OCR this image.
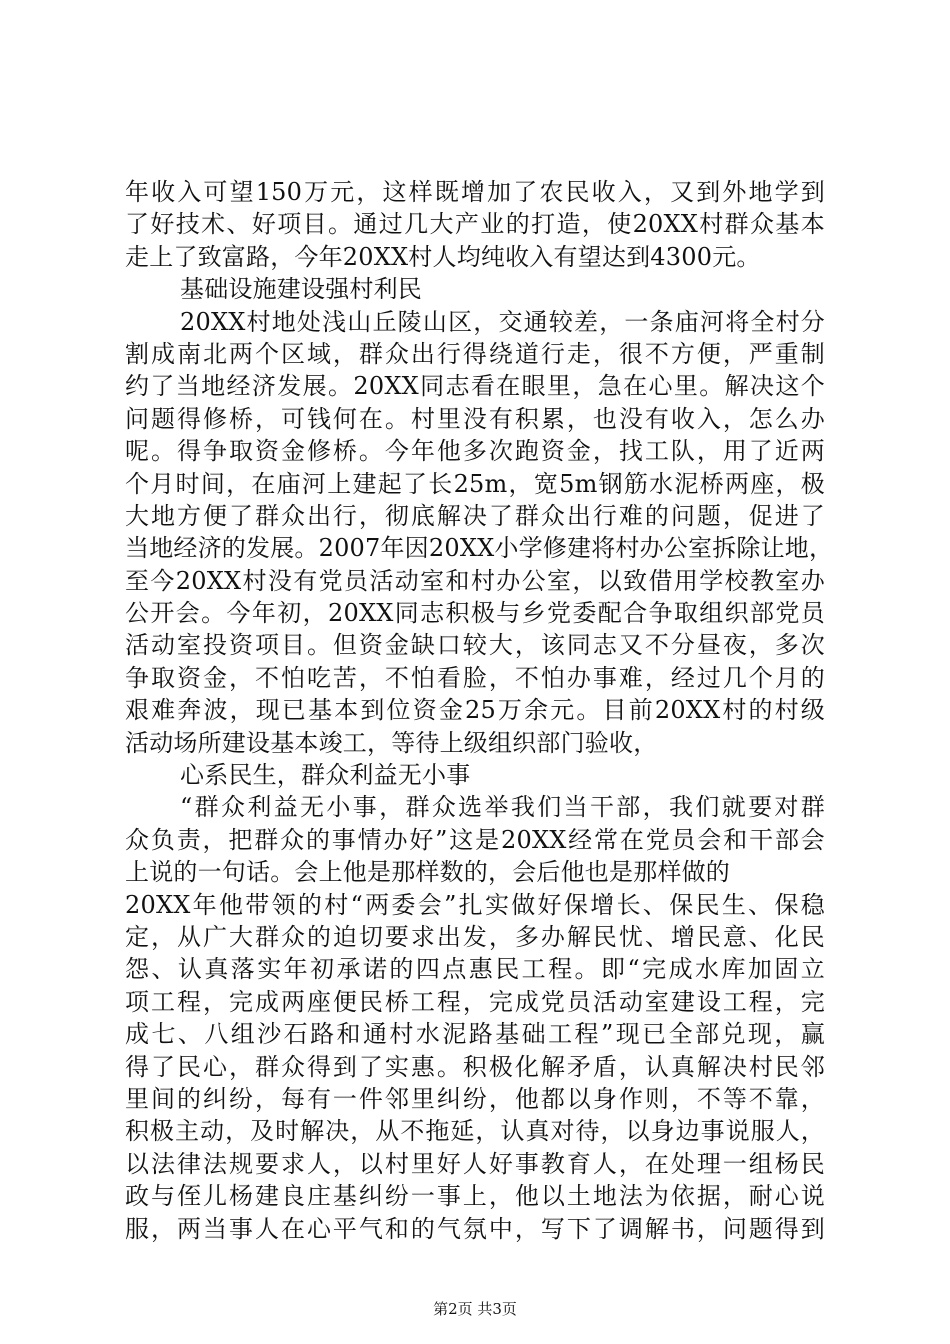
年收入可望150万元，这样既增加了农民收入，又到外地学到
了好技术、好项目。通过几大产业的打造，使20XX村群众基本
走上了致富路，今年20XX村人均纯收入有望达到4300元。
基础设施建设强村利民
20XX村地处浅山丘陵山区，交通较差，一条庙河将全村分
割成南北两个区域，群众出行得绕道行走，很不方便，严重制
约了当地经济发展。20XX同志看在眼里，急在心里。解决这个
问题得修桥，可钱何在。村里没有积累，也没有收入，怎么办
呢。得争取资金修桥。今年他多次跑资金，找工队，用了近两
个月时间，在庙河上建起了长25m，宽5m钢筋水泥桥两座，极
大地方便了群众出行，彻底解决了群众出行难的问题，促进了
当地经济的发展。2007年因20XX小学修建将村办公室拆除让地，
至今20XX村没有党员活动室和村办公室，以致借用学校教室办
公开会。今年初，20XX同志积极与乡党委配合争取组织部党员
活动室投资项目。但资金缺口较大，该同志又不分昼夜，多次
争取资金，不怕吃苦，不怕看脸，不怕办事难，经过几个月的
艰难奔波，现已基本到位资金25万余元。目前20XX村的村级
活动场所建设基本竣工，等待上级组织部门验收，
心系民生，群众利益无小事
“群众利益无小事，群众选举我们当干部，我们就要对群
众负责，把群众的事情办好”这是20XX经常在党员会和干部会
上说的一句话。会上他是那样数的，会后他也是那样做的
20XX年他带领的村“两委会”扎实做好保增长、保民生、保稳
定，从广大群众的迫切要求出发，多办解民忧、增民意、化民
怨、认真落实年初承诺的四点惠民工程。即“完成水库加固立
项工程，完成两座便民桥工程，完成党员活动室建设工程，完
成七、八组沙石路和通村水泥路基础工程”现已全部兑现，赢
得了民心，群众得到了实惠。积极化解矛盾，认真解决村民邻
里间的纠纷，每有一件邻里纠纷，他都以身作则，不等不靠，
积极主动，及时解决，从不拖延，认真对待，以身边事说服人，
以法律法规要求人，以村里好人好事教育人，在处理一组杨民
政与侄儿杨建良庄基纠纷一事上，他以土地法为依据，耐心说
服，两当事人在心平气和的气氛中，写下了调解书，问题得到
第2页 共3页
